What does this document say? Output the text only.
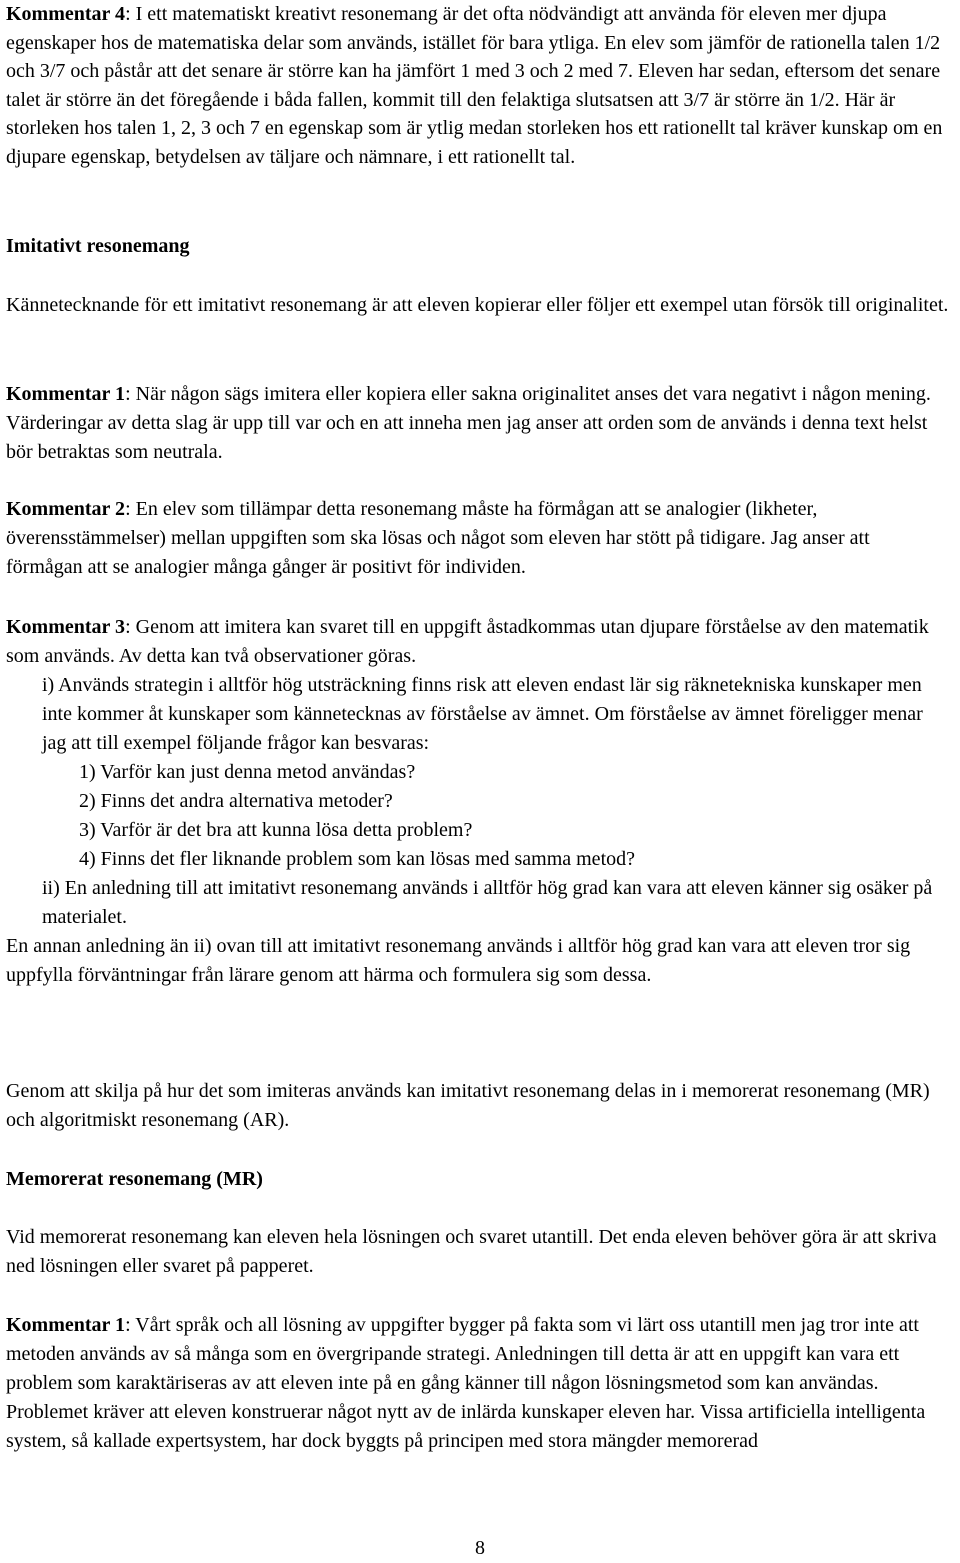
Kommentar 4: I ett matematiskt kreativt resonemang är det ofta nödvändigt att använda för eleven mer djupa egenskaper hos de matematiska delar som används, istället för bara ytliga. En elev som jämför de rationella talen 1/2 och 3/7 och påstår att det senare är större kan ha jämfört 1 med 3 och 2 med 7. Eleven har sedan, eftersom det senare talet är större än det föregående i båda fallen, kommit till den felaktiga slutsatsen att 3/7 är större än 1/2. Här är storleken hos talen 1, 2, 3 och 7 en egenskap som är ytlig medan storleken hos ett rationellt tal kräver kunskap om en djupare egenskap, betydelsen av täljare och nämnare, i ett rationellt tal.

Imitativt resonemang

Kännetecknande för ett imitativt resonemang är att eleven kopierar eller följer ett exempel utan försök till originalitet.

Kommentar 1: När någon sägs imitera eller kopiera eller sakna originalitet anses det vara negativt i någon mening. Värderingar av detta slag är upp till var och en att inneha men jag anser att orden som de används i denna text helst bör betraktas som neutrala.

Kommentar 2: En elev som tillämpar detta resonemang måste ha förmågan att se analogier (likheter, överensstämmelser) mellan uppgiften som ska lösas och något som eleven har stött på tidigare. Jag anser att förmågan att se analogier många gånger är positivt för individen.

Kommentar 3: Genom att imitera kan svaret till en uppgift åstadkommas utan djupare förståelse av den matematik som används. Av detta kan två observationer göras.
i) Används strategin i alltför hög utsträckning finns risk att eleven endast lär sig räknetekniska kunskaper men inte kommer åt kunskaper som kännetecknas av förståelse av ämnet. Om förståelse av ämnet föreligger menar jag att till exempel följande frågor kan besvaras:
1) Varför kan just denna metod användas?
2) Finns det andra alternativa metoder?
3) Varför är det bra att kunna lösa detta problem?
4) Finns det fler liknande problem som kan lösas med samma metod?
ii) En anledning till att imitativt resonemang används i alltför hög grad kan vara att eleven känner sig osäker på materialet.
En annan anledning än ii) ovan till att imitativt resonemang används i alltför hög grad kan vara att eleven tror sig uppfylla förväntningar från lärare genom att härma och formulera sig som dessa.

Genom att skilja på hur det som imiteras används kan imitativt resonemang delas in i memorerat resonemang (MR) och algoritmiskt resonemang (AR).

Memorerat resonemang (MR)

Vid memorerat resonemang kan eleven hela lösningen och svaret utantill. Det enda eleven behöver göra är att skriva ned lösningen eller svaret på papperet.

Kommentar 1: Vårt språk och all lösning av uppgifter bygger på fakta som vi lärt oss utantill men jag tror inte att metoden används av så många som en övergripande strategi. Anledningen till detta är att en uppgift kan vara ett problem som karaktäriseras av att eleven inte på en gång känner till någon lösningsmetod som kan användas. Problemet kräver att eleven konstruerar något nytt av de inlärda kunskaper eleven har. Vissa artificiella intelligenta system, så kallade expertsystem, har dock byggts på principen med stora mängder memorerad

8
